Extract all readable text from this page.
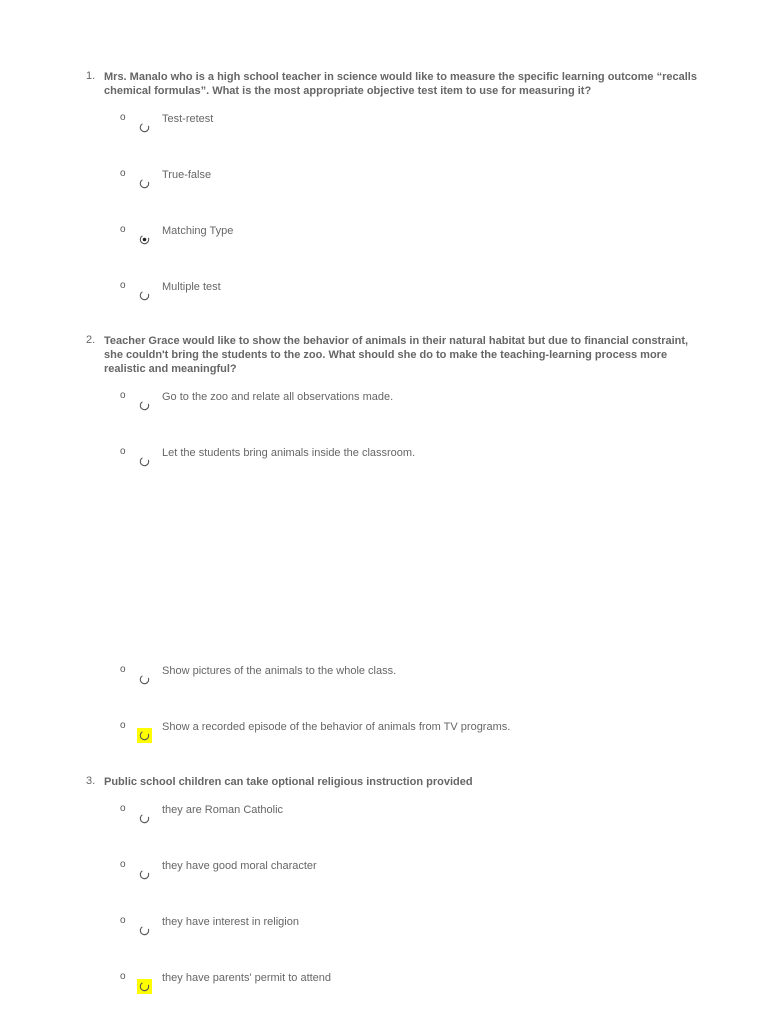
1. Mrs. Manalo who is a high school teacher in science would like to measure the specific learning outcome “recalls chemical formulas”. What is the most appropriate objective test item to use for measuring it?
o	Test-retest
o	True-false
o	Matching Type
o	Multiple test
2. Teacher Grace would like to show the behavior of animals in their natural habitat but due to financial constraint, she couldn't bring the students to the zoo. What should she do to make the teaching-learning process more realistic and meaningful?
o	Go to the zoo and relate all observations made.
o	Let the students bring animals inside the classroom.
o	Show pictures of the animals to the whole class.
o	Show a recorded episode of the behavior of animals from TV programs.
3. Public school children can take optional religious instruction provided
o	they are Roman Catholic
o	they have good moral character
o	they have interest in religion
o	they have parents' permit to attend
